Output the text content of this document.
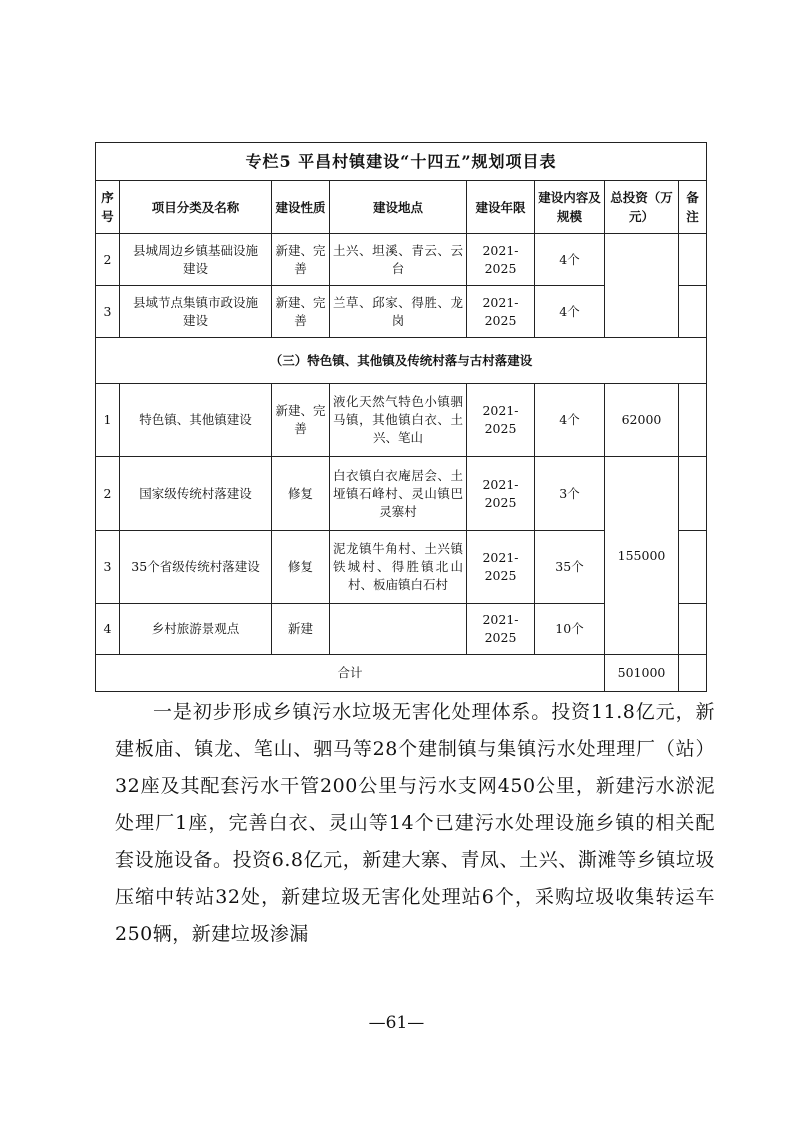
专栏5 平昌村镇建设“十四五”规划项目表							
序号	项目分类及名称	建设性质	建设地点	建设年限	建设内容及规模	总投资（万元）	备注
2	县城周边乡镇基础设施建设	新建、完善	土兴、坦溪、青云、云台	2021-2025	4个		
3	县域节点集镇市政设施建设	新建、完善	兰草、邱家、得胜、龙岗	2021-2025	4个		
（三）特色镇、其他镇及传统村落与古村落建设							
1	特色镇、其他镇建设	新建、完善	液化天然气特色小镇驷马镇，其他镇白衣、土兴、笔山	2021-2025	4个	62000	
2	国家级传统村落建设	修复	白衣镇白衣庵居会、土垭镇石峰村、灵山镇巴灵寨村	2021-2025	3个	155000	
3	35个省级传统村落建设	修复	泥龙镇牛角村、土兴镇铁城村、得胜镇北山村、板庙镇白石村	2021-2025	35个		
4	乡村旅游景观点	新建		2021-2025	10个		
合计						501000	

一是初步形成乡镇污水垃圾无害化处理体系。投资11.8亿元，新建板庙、镇龙、笔山、驷马等28个建制镇与集镇污水处理理厂（站）32座及其配套污水干管200公里与污水支网450公里，新建污水淤泥处理厂1座，完善白衣、灵山等14个已建污水处理设施乡镇的相关配套设施设备。投资6.8亿元，新建大寨、青凤、土兴、澌滩等乡镇垃圾压缩中转站32处，新建垃圾无害化处理站6个，采购垃圾收集转运车250辆，新建垃圾渗漏

—61—
